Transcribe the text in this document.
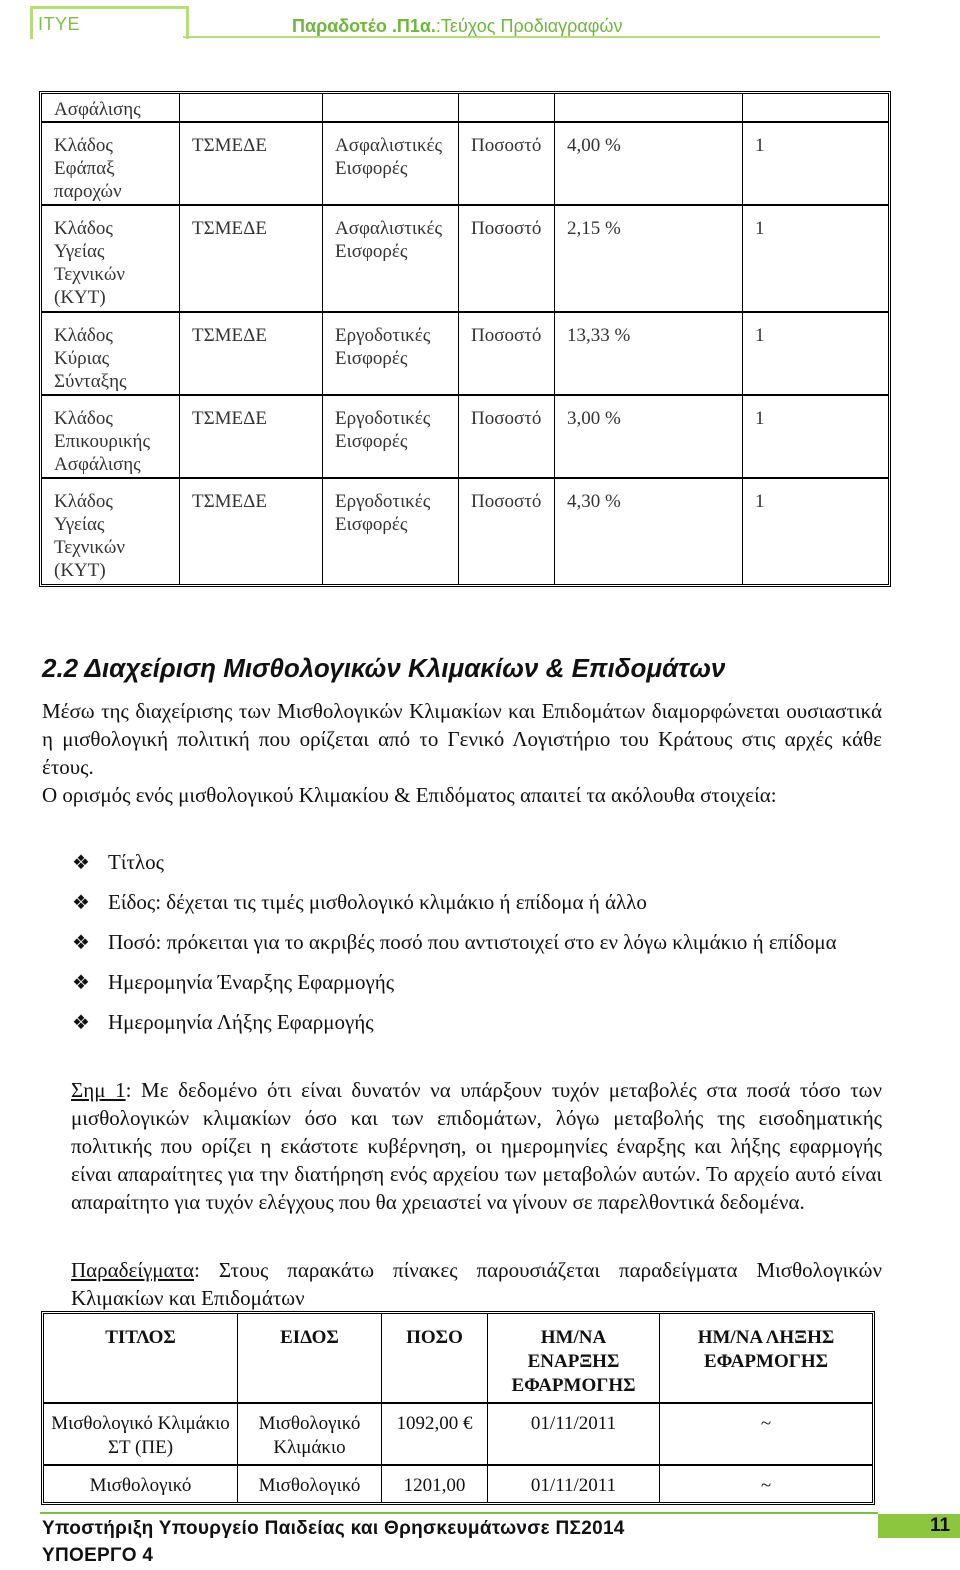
ITYE	Παραδοτέο .Π1α.:Τεύχος Προδιαγραφών
Ασφάλισης					
Κλάδος Εφάπαξ παροχών	ΤΣΜΕΔΕ	Ασφαλιστικές Εισφορές	Ποσοστό	4,00 %	1
Κλάδος Υγείας Τεχνικών (ΚΥΤ)	ΤΣΜΕΔΕ	Ασφαλιστικές Εισφορές	Ποσοστό	2,15 %	1
Κλάδος Κύριας Σύνταξης	ΤΣΜΕΔΕ	Εργοδοτικές Εισφορές	Ποσοστό	13,33 %	1
Κλάδος Επικουρικής Ασφάλισης	ΤΣΜΕΔΕ	Εργοδοτικές Εισφορές	Ποσοστό	3,00 %	1
Κλάδος Υγείας Τεχνικών (ΚΥΤ)	ΤΣΜΕΔΕ	Εργοδοτικές Εισφορές	Ποσοστό	4,30 %	1
2.2 Διαχείριση Μισθολογικών Κλιμακίων & Επιδομάτων
Μέσω της διαχείρισης των Μισθολογικών Κλιμακίων και Επιδομάτων διαμορφώνεται ουσιαστικά η μισθολογική πολιτική που ορίζεται από το Γενικό Λογιστήριο του Κράτους στις αρχές κάθε έτους.
Ο ορισμός ενός μισθολογικού Κλιμακίου & Επιδόματος απαιτεί τα ακόλουθα στοιχεία:
❖ Τίτλος
❖ Είδος: δέχεται τις τιμές μισθολογικό κλιμάκιο ή επίδομα ή άλλο
❖ Ποσό: πρόκειται για το ακριβές ποσό που αντιστοιχεί στο εν λόγω κλιμάκιο ή επίδομα
❖ Ημερομηνία Έναρξης Εφαρμογής
❖ Ημερομηνία Λήξης Εφαρμογής
Σημ 1: Με δεδομένο ότι είναι δυνατόν να υπάρξουν τυχόν μεταβολές στα ποσά τόσο των μισθολογικών κλιμακίων όσο και των επιδομάτων, λόγω μεταβολής της εισοδηματικής πολιτικής που ορίζει η εκάστοτε κυβέρνηση, οι ημερομηνίες έναρξης και λήξης εφαρμογής είναι απαραίτητες για την διατήρηση ενός αρχείου των μεταβολών αυτών. Το αρχείο αυτό είναι απαραίτητο για τυχόν ελέγχους που θα χρειαστεί να γίνουν σε παρελθοντικά δεδομένα.
Παραδείγματα: Στους παρακάτω πίνακες παρουσιάζεται παραδείγματα Μισθολογικών Κλιμακίων και Επιδομάτων
ΤΙΤΛΟΣ	ΕΙΔΟΣ	ΠΟΣΟ	ΗΜ/ΝΑ ΕΝΑΡΞΗΣ ΕΦΑΡΜΟΓΗΣ	ΗΜ/ΝΑ ΛΗΞΗΣ ΕΦΑΡΜΟΓΗΣ
Μισθολογικό Κλιμάκιο ΣΤ (ΠΕ)	Μισθολογικό Κλιμάκιο	1092,00 €	01/11/2011	~
Μισθολογικό	Μισθολογικό	1201,00	01/11/2011	~
Υποστήριξη Υπουργείο Παιδείας και Θρησκευμάτωνσε ΠΣ2014
ΥΠΟΕΡΓΟ 4
11
